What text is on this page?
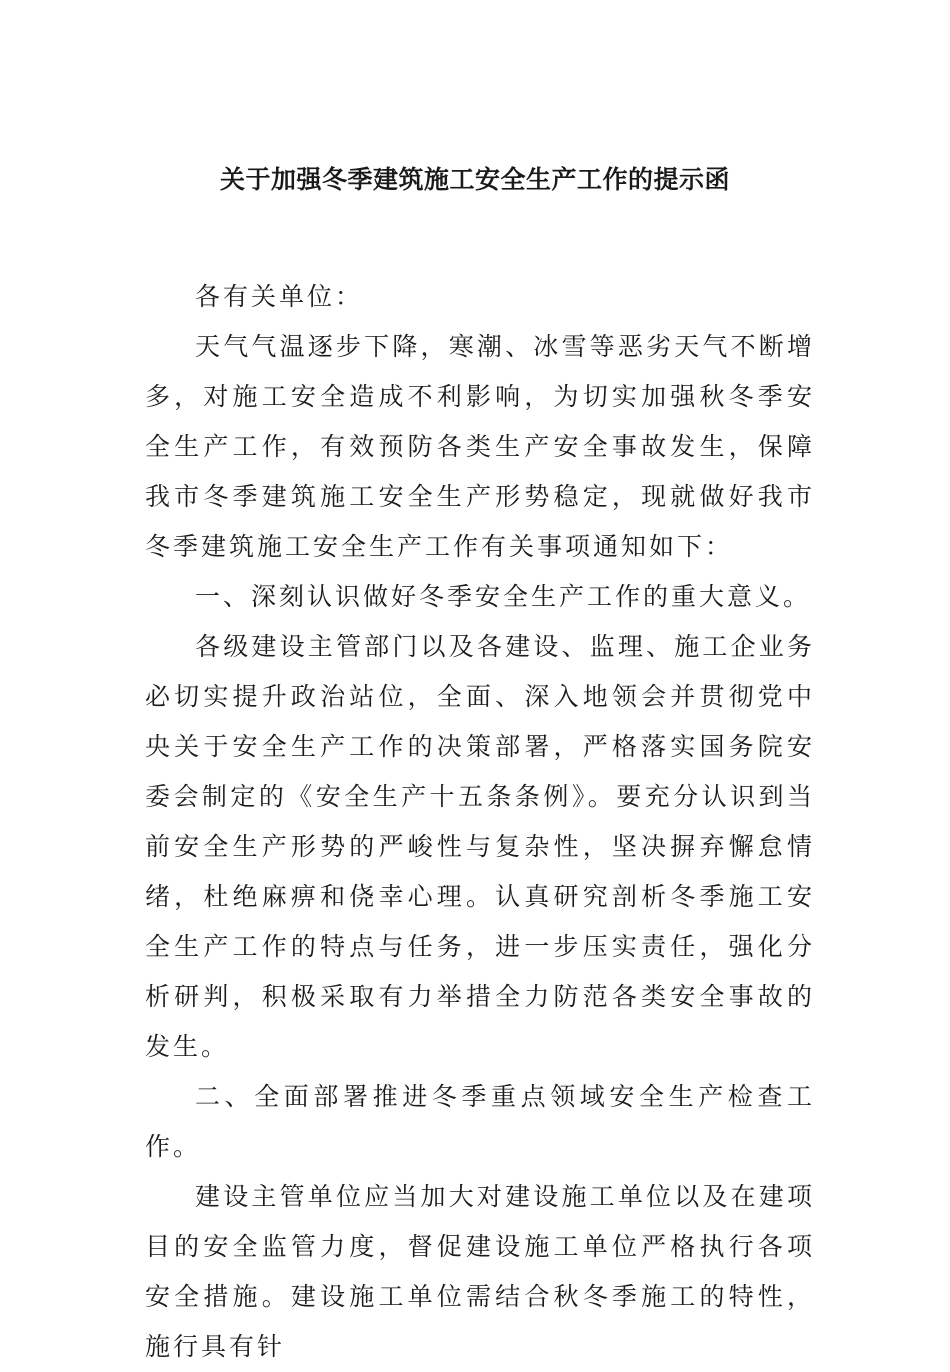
关于加强冬季建筑施工安全生产工作的提示函

各有关单位：

天气气温逐步下降，寒潮、冰雪等恶劣天气不断增多，对施工安全造成不利影响，为切实加强秋冬季安全生产工作，有效预防各类生产安全事故发生，保障我市冬季建筑施工安全生产形势稳定，现就做好我市冬季建筑施工安全生产工作有关事项通知如下：

一、深刻认识做好冬季安全生产工作的重大意义。

各级建设主管部门以及各建设、监理、施工企业务必切实提升政治站位，全面、深入地领会并贯彻党中央关于安全生产工作的决策部署，严格落实国务院安委会制定的《安全生产十五条条例》。要充分认识到当前安全生产形势的严峻性与复杂性，坚决摒弃懈怠情绪，杜绝麻痹和侥幸心理。认真研究剖析冬季施工安全生产工作的特点与任务，进一步压实责任，强化分析研判，积极采取有力举措全力防范各类安全事故的发生。

二、全面部署推进冬季重点领域安全生产检查工作。

建设主管单位应当加大对建设施工单位以及在建项目的安全监管力度，督促建设施工单位严格执行各项安全措施。建设施工单位需结合秋冬季施工的特性，施行具有针
